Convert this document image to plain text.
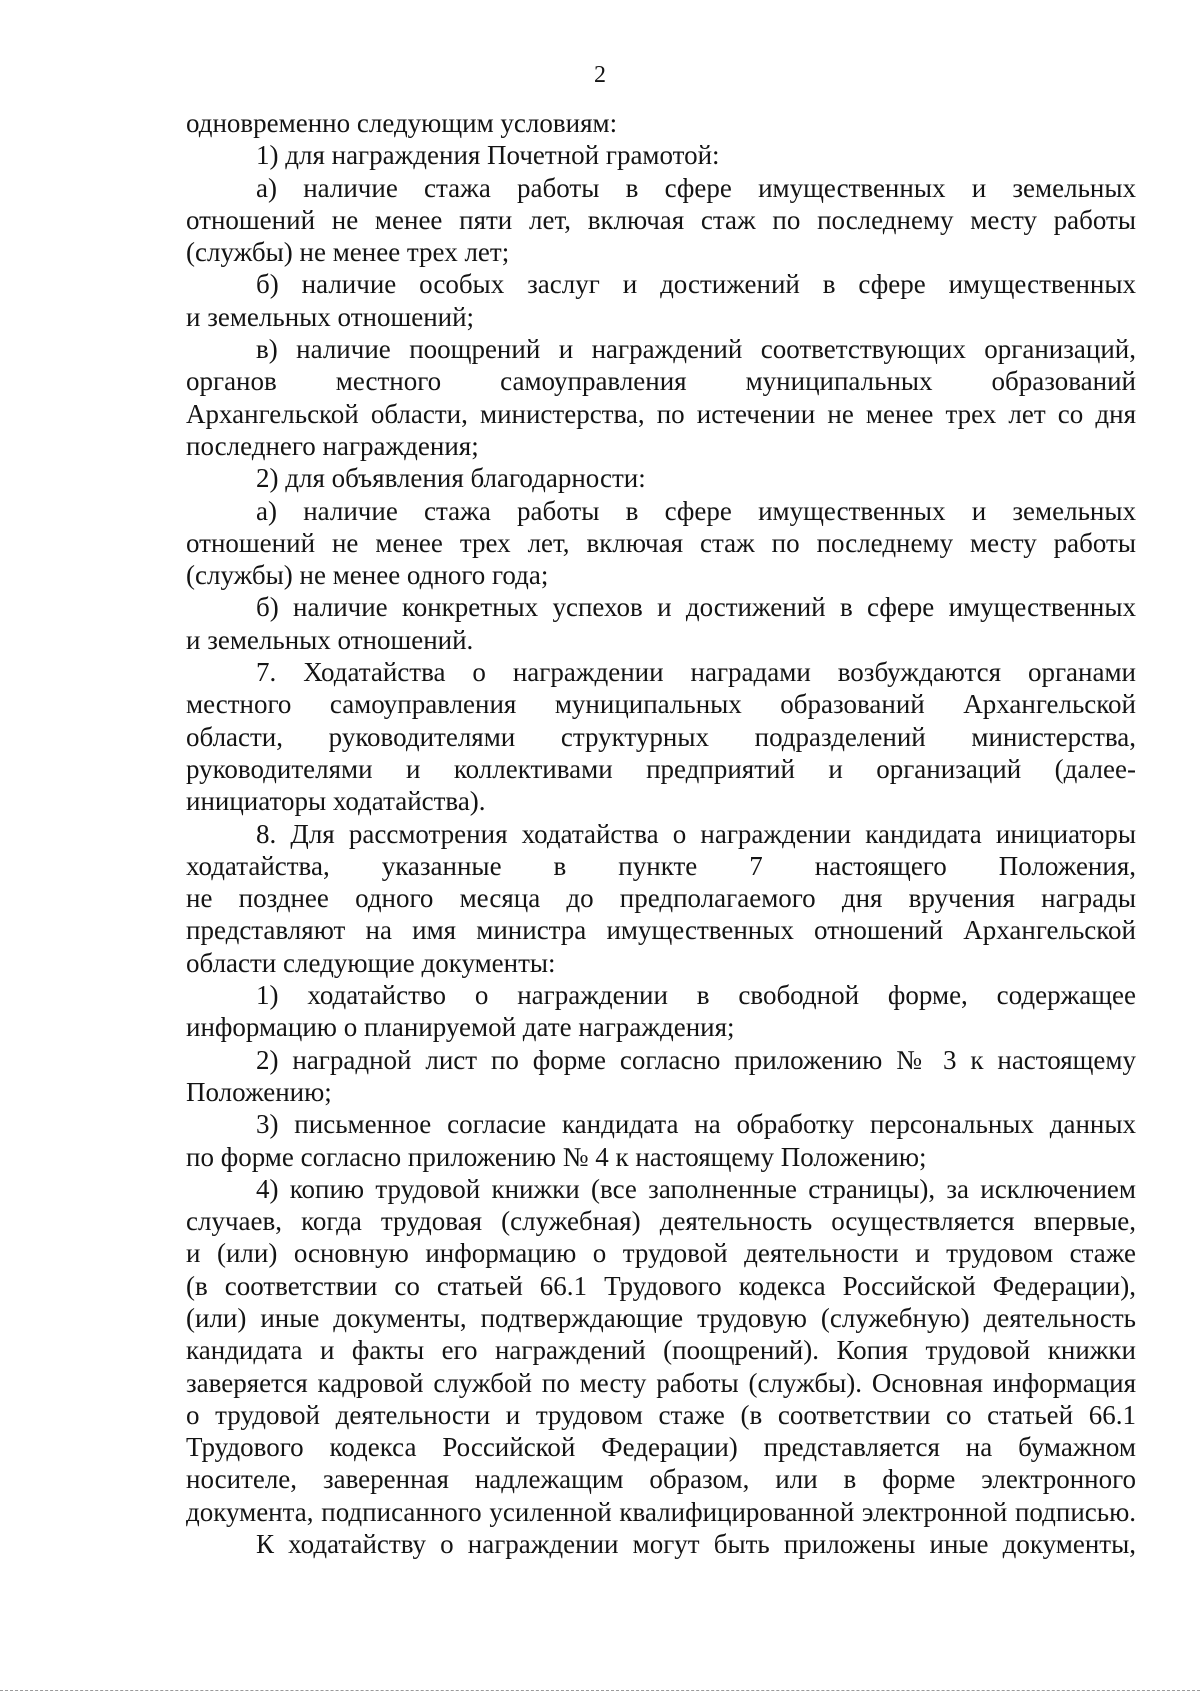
2
одновременно следующим условиям:
1) для награждения Почетной грамотой:
а) наличие стажа работы в сфере имущественных и земельных
отношений не менее пяти лет, включая стаж по последнему месту работы
(службы) не менее трех лет;
б) наличие особых заслуг и достижений в сфере имущественных
и земельных отношений;
в) наличие поощрений и награждений соответствующих организаций,
органов местного самоуправления муниципальных образований
Архангельской области, министерства, по истечении не менее трех лет со дня
последнего награждения;
2) для объявления благодарности:
а) наличие стажа работы в сфере имущественных и земельных
отношений не менее трех лет, включая стаж по последнему месту работы
(службы) не менее одного года;
б) наличие конкретных успехов и достижений в сфере имущественных
и земельных отношений.
7. Ходатайства о награждении наградами возбуждаются органами
местного самоуправления муниципальных образований Архангельской
области, руководителями структурных подразделений министерства,
руководителями и коллективами предприятий и организаций (далее-
инициаторы ходатайства).
8. Для рассмотрения ходатайства о награждении кандидата инициаторы
ходатайства, указанные в пункте 7 настоящего Положения,
не позднее одного месяца до предполагаемого дня вручения награды
представляют на имя министра имущественных отношений Архангельской
области следующие документы:
1) ходатайство о награждении в свободной форме, содержащее
информацию о планируемой дате награждения;
2) наградной лист по форме согласно приложению № 3 к настоящему
Положению;
3) письменное согласие кандидата на обработку персональных данных
по форме согласно приложению № 4 к настоящему Положению;
4) копию трудовой книжки (все заполненные страницы), за исключением
случаев, когда трудовая (служебная) деятельность осуществляется впервые,
и (или) основную информацию о трудовой деятельности и трудовом стаже
(в соответствии со статьей 66.1 Трудового кодекса Российской Федерации),
(или) иные документы, подтверждающие трудовую (служебную) деятельность
кандидата и факты его награждений (поощрений). Копия трудовой книжки
заверяется кадровой службой по месту работы (службы). Основная информация
о трудовой деятельности и трудовом стаже (в соответствии со статьей 66.1
Трудового кодекса Российской Федерации) представляется на бумажном
носителе, заверенная надлежащим образом, или в форме электронного
документа, подписанного усиленной квалифицированной электронной подписью.
К ходатайству о награждении могут быть приложены иные документы,
